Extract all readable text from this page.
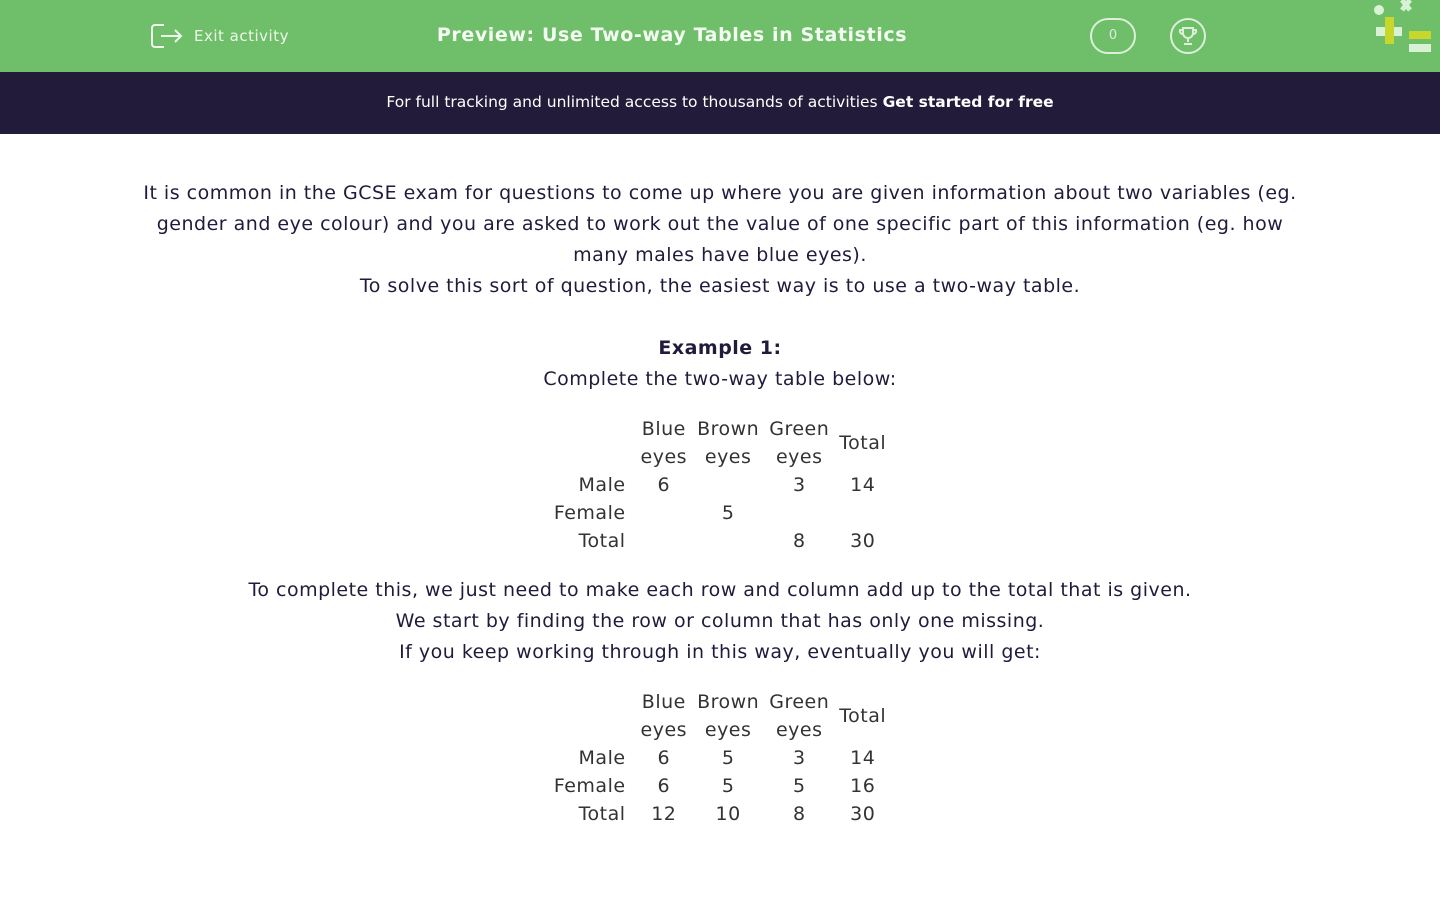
Exit activity	Preview: Use Two-way Tables in Statistics	0
For full tracking and unlimited access to thousands of activities Get started for free

It is common in the GCSE exam for questions to come up where you are given information about two variables (eg. gender and eye colour) and you are asked to work out the value of one specific part of this information (eg. how many males have blue eyes).

To solve this sort of question, the easiest way is to use a two-way table.

Example 1:

Complete the two-way table below:

	Blue
eyes	Brown
eyes	Green
eyes	Total
Male	6		3	14
Female		5		
Total			8	30

To complete this, we just need to make each row and column add up to the total that is given.

We start by finding the row or column that has only one missing.

If you keep working through in this way, eventually you will get:

	Blue
eyes	Brown
eyes	Green
eyes	Total
Male	6	5	3	14
Female	6	5	5	16
Total	12	10	8	30
